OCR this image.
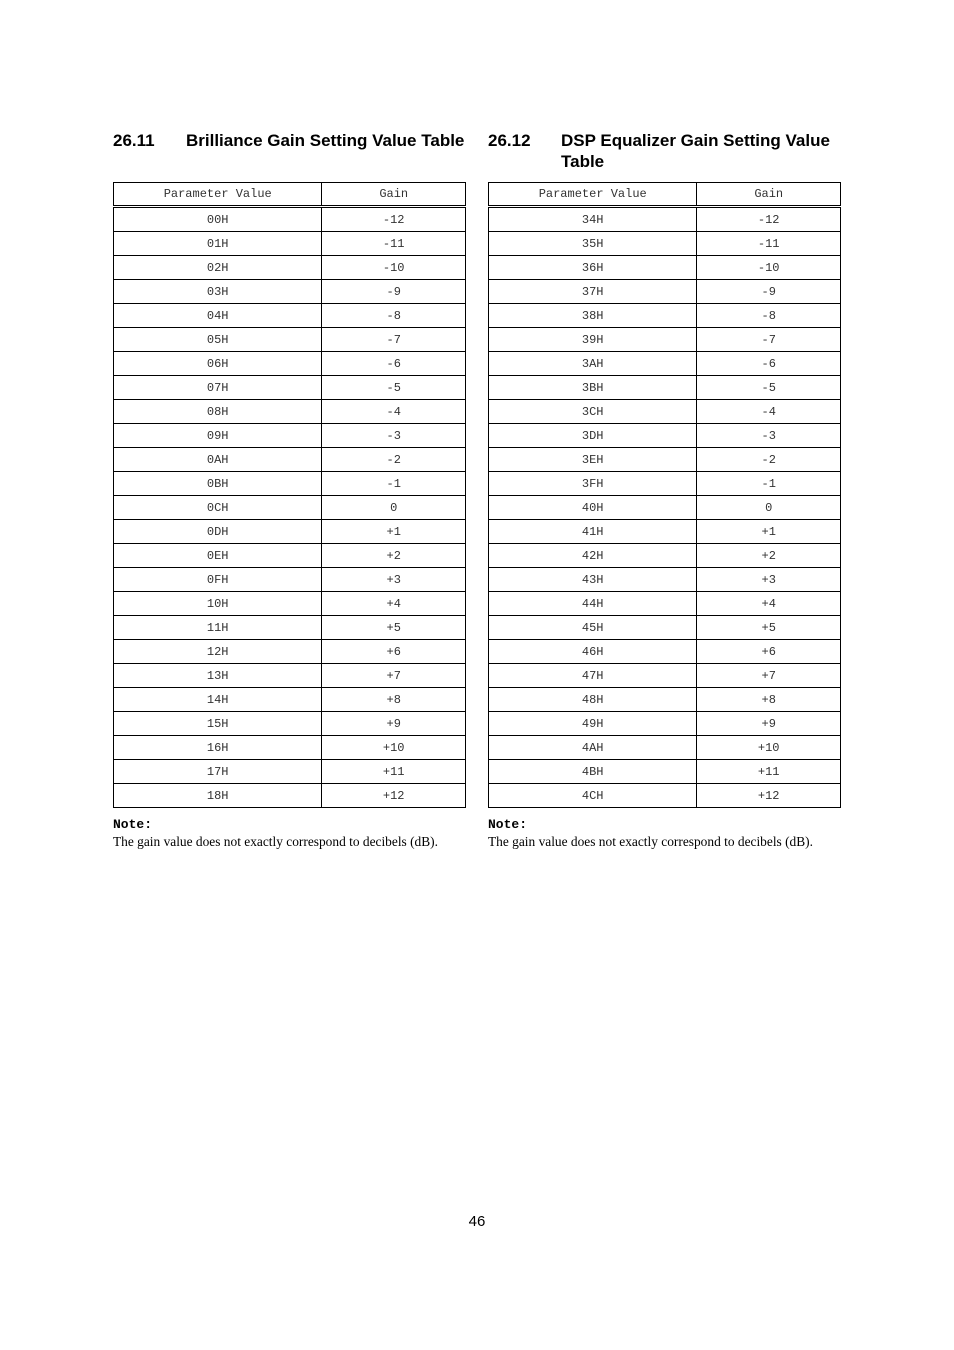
26.11	Brilliance Gain Setting Value Table
Parameter Value	Gain
00H	-12
01H	-11
02H	-10
03H	-9
04H	-8
05H	-7
06H	-6
07H	-5
08H	-4
09H	-3
0AH	-2
0BH	-1
0CH	0
0DH	+1
0EH	+2
0FH	+3
10H	+4
11H	+5
12H	+6
13H	+7
14H	+8
15H	+9
16H	+10
17H	+11
18H	+12
Note:
The gain value does not exactly correspond to decibels (dB).
26.12	DSP Equalizer Gain Setting Value Table
Parameter Value	Gain
34H	-12
35H	-11
36H	-10
37H	-9
38H	-8
39H	-7
3AH	-6
3BH	-5
3CH	-4
3DH	-3
3EH	-2
3FH	-1
40H	0
41H	+1
42H	+2
43H	+3
44H	+4
45H	+5
46H	+6
47H	+7
48H	+8
49H	+9
4AH	+10
4BH	+11
4CH	+12
Note:
The gain value does not exactly correspond to decibels (dB).
46
